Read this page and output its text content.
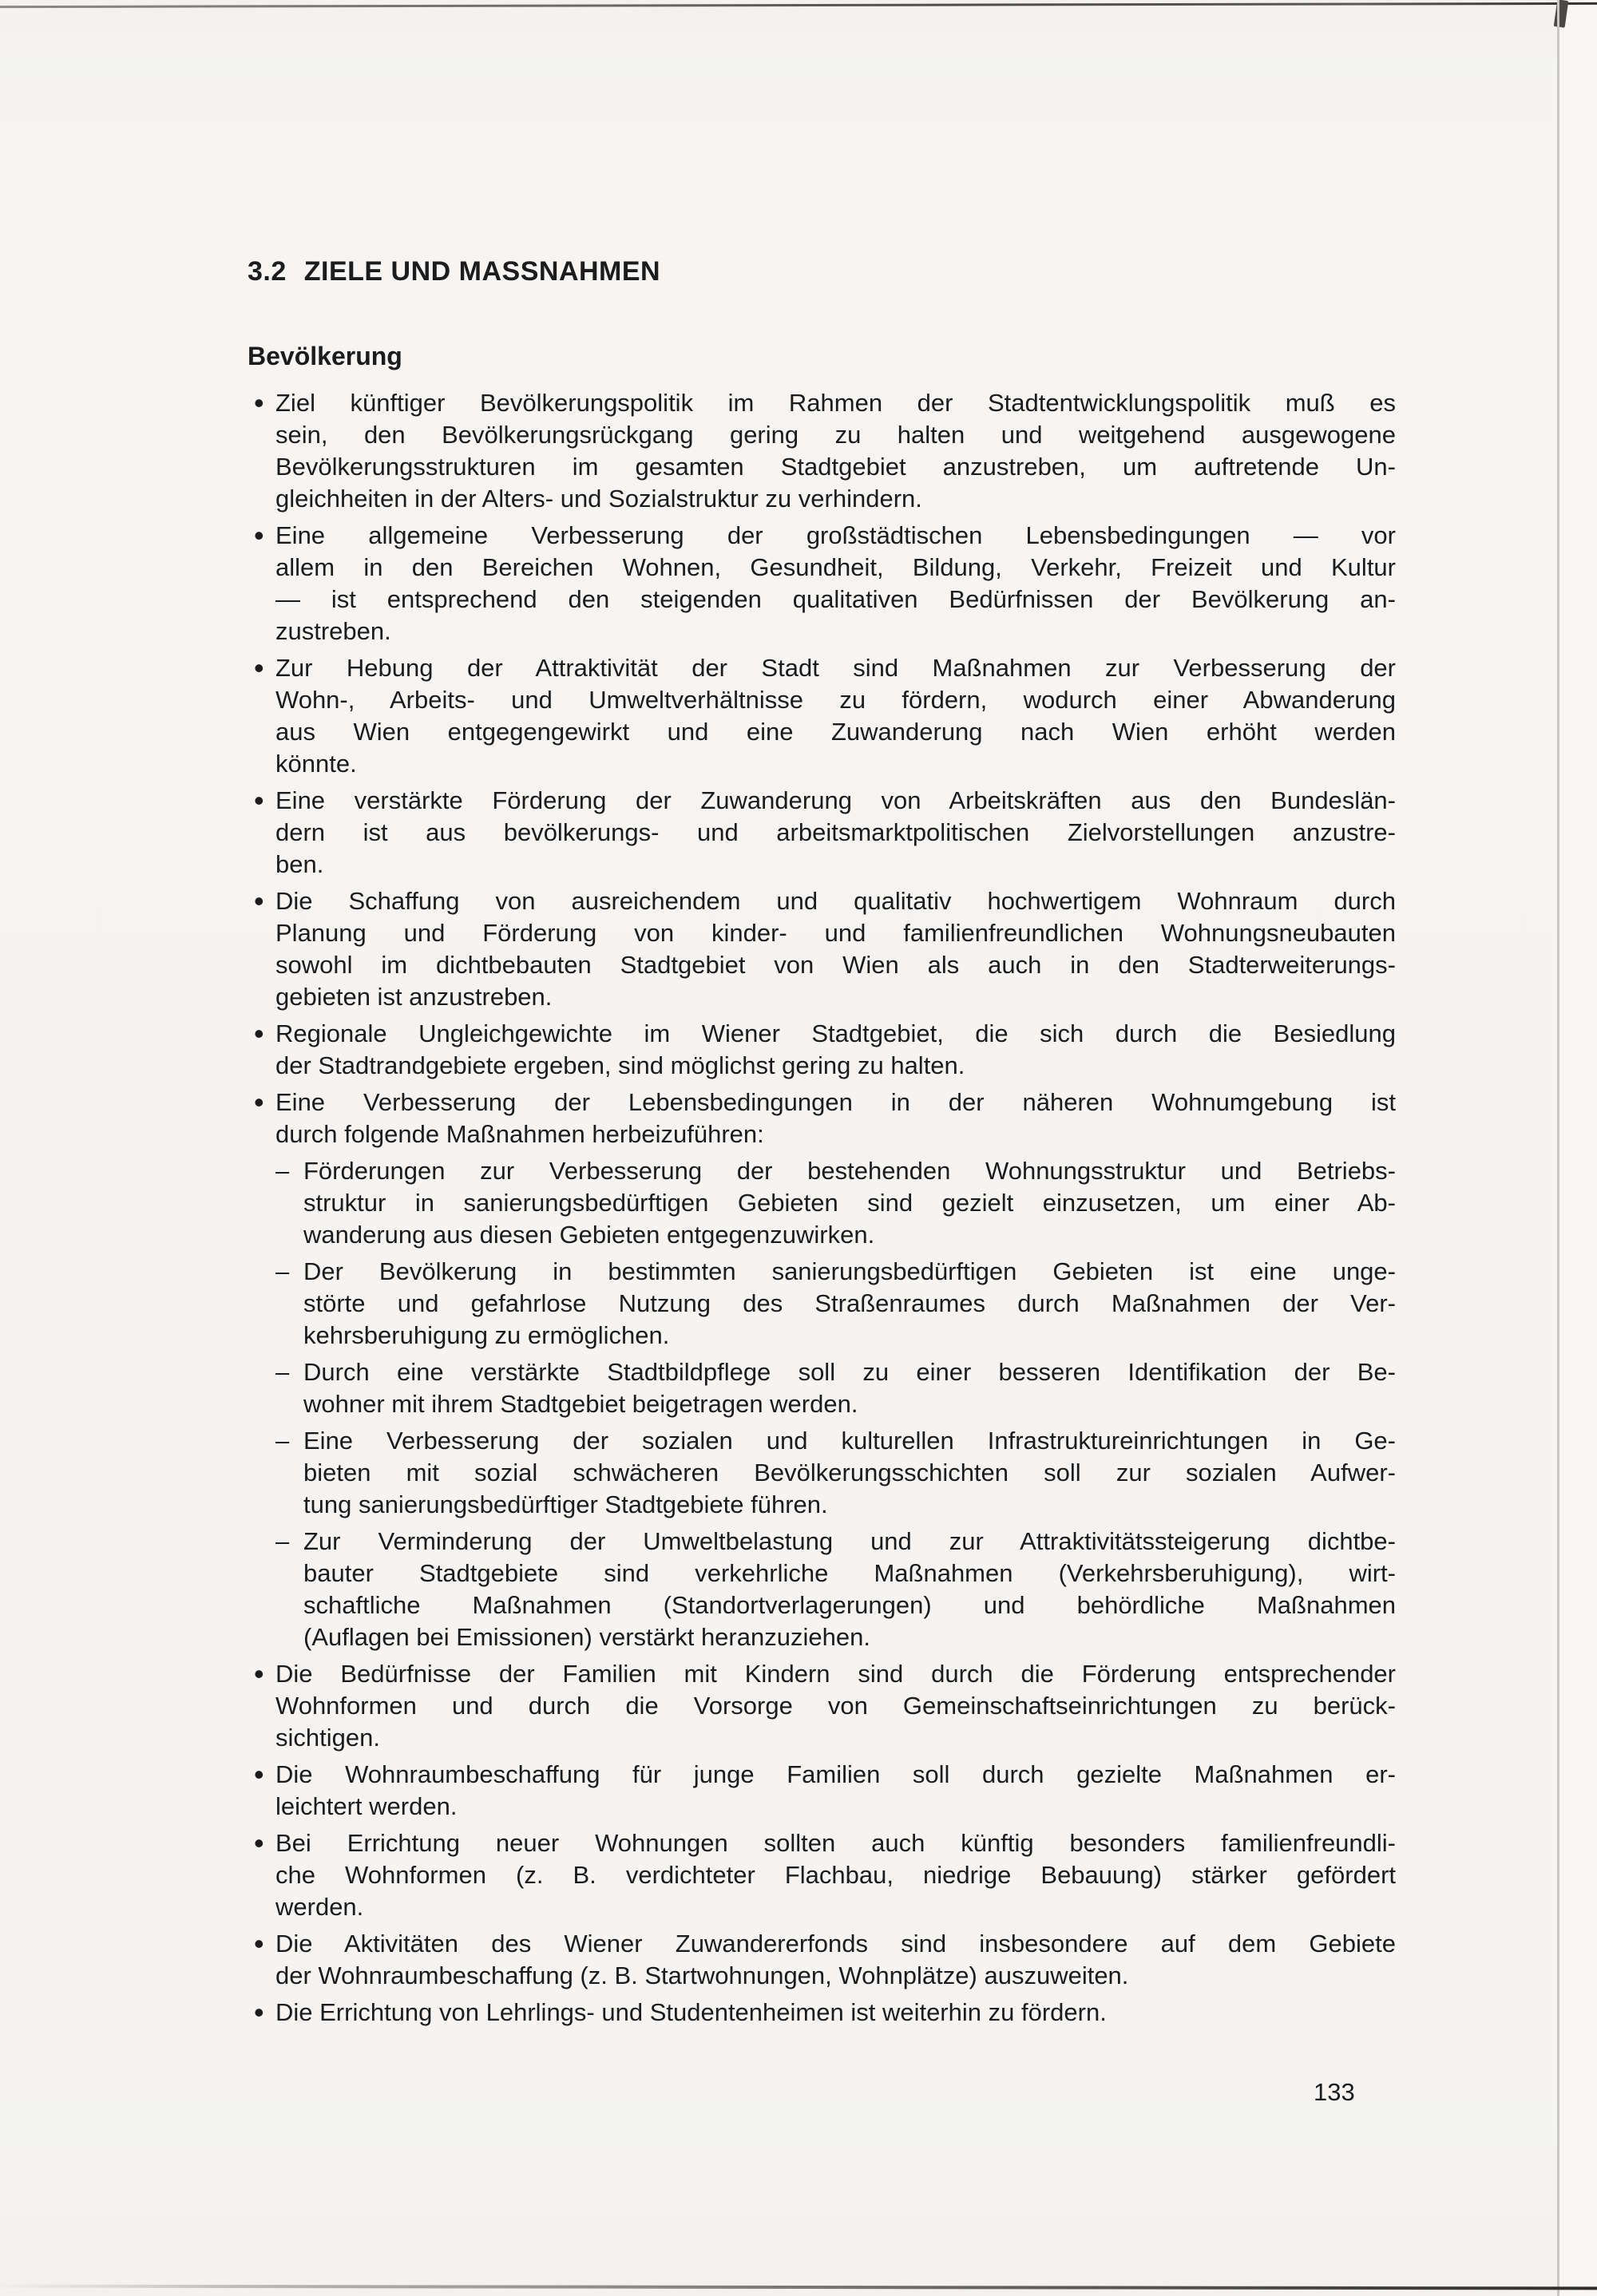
3.2 ZIELE UND MASSNAHMEN
Bevölkerung
• Ziel künftiger Bevölkerungspolitik im Rahmen der Stadtentwicklungspolitik muß es
sein, den Bevölkerungsrückgang gering zu halten und weitgehend ausgewogene
Bevölkerungsstrukturen im gesamten Stadtgebiet anzustreben, um auftretende Un-
gleichheiten in der Alters- und Sozialstruktur zu verhindern.
• Eine allgemeine Verbesserung der großstädtischen Lebensbedingungen — vor
allem in den Bereichen Wohnen, Gesundheit, Bildung, Verkehr, Freizeit und Kultur
— ist entsprechend den steigenden qualitativen Bedürfnissen der Bevölkerung an-
zustreben.
• Zur Hebung der Attraktivität der Stadt sind Maßnahmen zur Verbesserung der
Wohn-, Arbeits- und Umweltverhältnisse zu fördern, wodurch einer Abwanderung
aus Wien entgegengewirkt und eine Zuwanderung nach Wien erhöht werden
könnte.
• Eine verstärkte Förderung der Zuwanderung von Arbeitskräften aus den Bundeslän-
dern ist aus bevölkerungs- und arbeitsmarktpolitischen Zielvorstellungen anzustre-
ben.
• Die Schaffung von ausreichendem und qualitativ hochwertigem Wohnraum durch
Planung und Förderung von kinder- und familienfreundlichen Wohnungsneubauten
sowohl im dichtbebauten Stadtgebiet von Wien als auch in den Stadterweiterungs-
gebieten ist anzustreben.
• Regionale Ungleichgewichte im Wiener Stadtgebiet, die sich durch die Besiedlung
der Stadtrandgebiete ergeben, sind möglichst gering zu halten.
• Eine Verbesserung der Lebensbedingungen in der näheren Wohnumgebung ist
durch folgende Maßnahmen herbeizuführen:
– Förderungen zur Verbesserung der bestehenden Wohnungsstruktur und Betriebs-
struktur in sanierungsbedürftigen Gebieten sind gezielt einzusetzen, um einer Ab-
wanderung aus diesen Gebieten entgegenzuwirken.
– Der Bevölkerung in bestimmten sanierungsbedürftigen Gebieten ist eine unge-
störte und gefahrlose Nutzung des Straßenraumes durch Maßnahmen der Ver-
kehrsberuhigung zu ermöglichen.
– Durch eine verstärkte Stadtbildpflege soll zu einer besseren Identifikation der Be-
wohner mit ihrem Stadtgebiet beigetragen werden.
– Eine Verbesserung der sozialen und kulturellen Infrastruktureinrichtungen in Ge-
bieten mit sozial schwächeren Bevölkerungsschichten soll zur sozialen Aufwer-
tung sanierungsbedürftiger Stadtgebiete führen.
– Zur Verminderung der Umweltbelastung und zur Attraktivitätssteigerung dichtbe-
bauter Stadtgebiete sind verkehrliche Maßnahmen (Verkehrsberuhigung), wirt-
schaftliche Maßnahmen (Standortverlagerungen) und behördliche Maßnahmen
(Auflagen bei Emissionen) verstärkt heranzuziehen.
• Die Bedürfnisse der Familien mit Kindern sind durch die Förderung entsprechender
Wohnformen und durch die Vorsorge von Gemeinschaftseinrichtungen zu berück-
sichtigen.
• Die Wohnraumbeschaffung für junge Familien soll durch gezielte Maßnahmen er-
leichtert werden.
• Bei Errichtung neuer Wohnungen sollten auch künftig besonders familienfreundli-
che Wohnformen (z. B. verdichteter Flachbau, niedrige Bebauung) stärker gefördert
werden.
• Die Aktivitäten des Wiener Zuwandererfonds sind insbesondere auf dem Gebiete
der Wohnraumbeschaffung (z. B. Startwohnungen, Wohnplätze) auszuweiten.
• Die Errichtung von Lehrlings- und Studentenheimen ist weiterhin zu fördern.
133
